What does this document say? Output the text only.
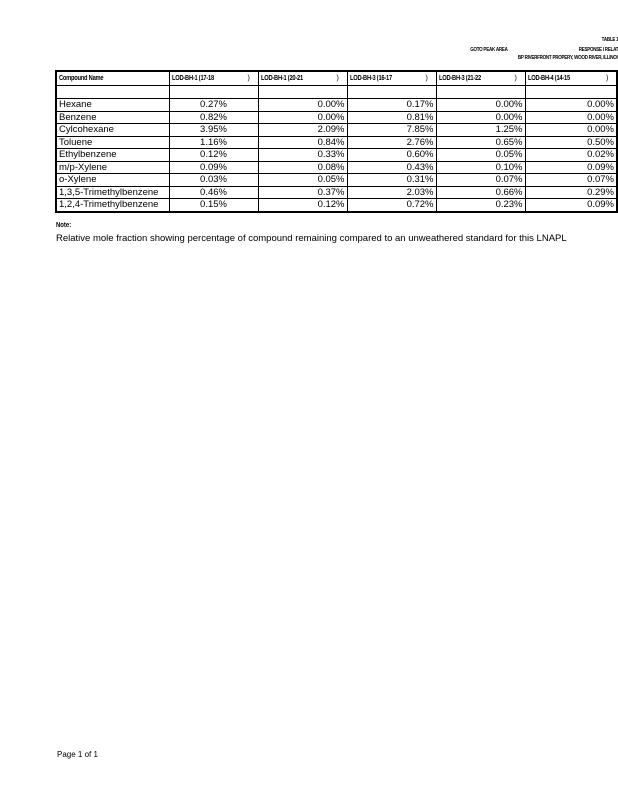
TABLE 1
GOTO PEAK AREA	RESPONSE I RELAT
BP RIVERFRONT PROPERY, WOOD RIVER, ILLINOI
Compound Name	LOD-BH-1 (17-18 )	LOD-BH-1 (20-21 )	LOD-BH-3 (16-17 )	LOD-BH-3 (21-22 )	LOD-BH-4 (14-15 )

Hexane	0.27%	0.00%	0.17%	0.00%	0.00%
Benzene	0.82%	0.00%	0.81%	0.00%	0.00%
Cylcohexane	3.95%	2.09%	7.85%	1.25%	0.00%
Toluene	1.16%	0.84%	2.76%	0.65%	0.50%
Ethylbenzene	0.12%	0.33%	0.60%	0.05%	0.02%
m/p-Xylene	0.09%	0.08%	0.43%	0.10%	0.09%
o-Xylene	0.03%	0.05%	0.31%	0.07%	0.07%
1,3,5-Trimethylbenzene	0.46%	0.37%	2.03%	0.66%	0.29%
1,2,4-Trimethylbenzene	0.15%	0.12%	0.72%	0.23%	0.09%
Note:
Relative mole fraction showing percentage of compound remaining compared to an unweathered standard for this LNAPL
Page 1 of 1
